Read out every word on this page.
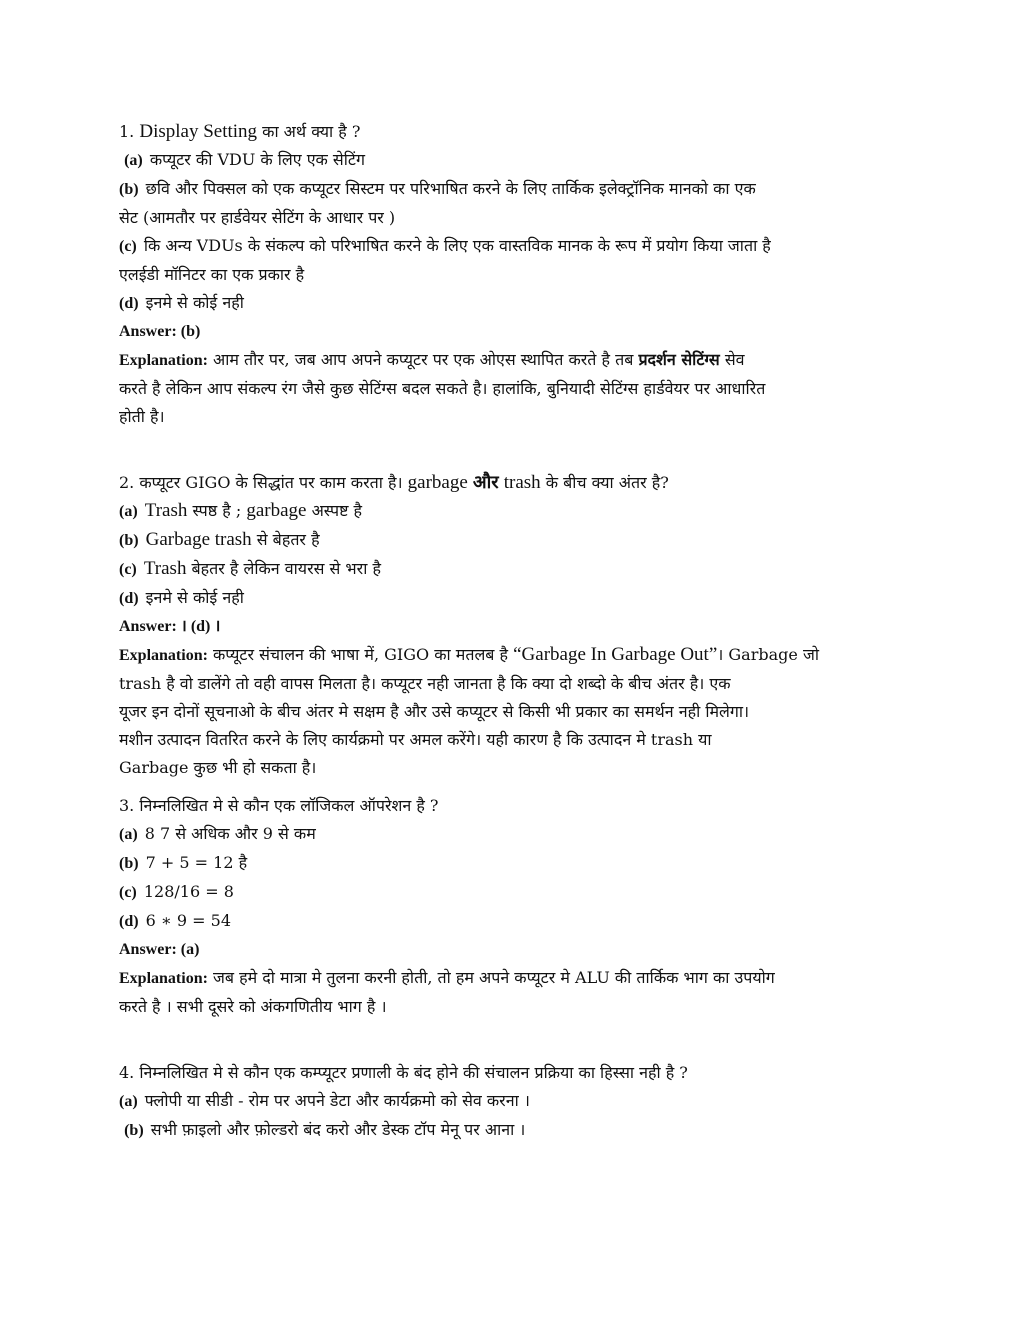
1. Display Setting का अर्थ क्या है ?
(a) कप्यूटर की VDU के लिए एक सेटिंग
(b) छवि और पिक्सल को एक कप्यूटर सिस्टम पर परिभाषित करने के लिए तार्किक इलेक्ट्रॉनिक मानको का एक
सेट (आमतौर पर हार्डवेयर सेटिंग के आधार पर )
(c) कि अन्य VDUs के संकल्प को परिभाषित करने के लिए एक वास्तविक मानक के रूप में प्रयोग किया जाता है
एलईडी मॉनिटर का एक प्रकार है
(d) इनमे से कोई नही
Answer: (b)
Explanation: आम तौर पर, जब आप अपने कप्यूटर पर एक ओएस स्थापित करते है तब प्रदर्शन सेटिंग्स सेव
करते है लेकिन आप संकल्प रंग जैसे कुछ सेटिंग्स बदल सकते है। हालांकि, बुनियादी सेटिंग्स हार्डवेयर पर आधारित
होती है।
2. कप्यूटर GIGO के सिद्धांत पर काम करता है। garbage और trash के बीच क्या अंतर है?
(a) Trash स्पष्ठ है ; garbage अस्पष्ट है
(b) Garbage trash से बेहतर है
(c) Trash बेहतर है लेकिन वायरस से भरा है
(d) इनमे से कोई नही
Answer: । (d) ।
Explanation: कप्यूटर संचालन की भाषा में, GIGO का मतलब है “Garbage In Garbage Out”। Garbage जो
trash है वो डालेंगे तो वही वापस मिलता है। कप्यूटर नही जानता है कि क्या दो शब्दो के बीच अंतर है। एक
यूजर इन दोनों सूचनाओ के बीच अंतर मे सक्षम है और उसे कप्यूटर से किसी भी प्रकार का समर्थन नही मिलेगा।
मशीन उत्पादन वितरित करने के लिए कार्यक्रमो पर अमल करेंगे। यही कारण है कि उत्पादन मे trash या
Garbage कुछ भी हो सकता है।
3. निम्नलिखित मे से कौन एक लॉजिकल ऑपरेशन है ?
(a) 8 7 से अधिक और 9 से कम
(b) 7 + 5 = 12 है
(c) 128/16 = 8
(d) 6 ∗ 9 = 54
Answer: (a)
Explanation: जब हमे दो मात्रा मे तुलना करनी होती, तो हम अपने कप्यूटर मे ALU की तार्किक भाग का उपयोग
करते है । सभी दूसरे को अंकगणितीय भाग है ।
4. निम्नलिखित मे से कौन एक कम्प्यूटर प्रणाली के बंद होने की संचालन प्रक्रिया का हिस्सा नही है ?
(a) फ्लोपी या सीडी - रोम पर अपने डेटा और कार्यक्रमो को सेव करना ।
(b) सभी फ़ाइलो और फ़ोल्डरो बंद करो और डेस्क टॉप मेनू पर आना ।
